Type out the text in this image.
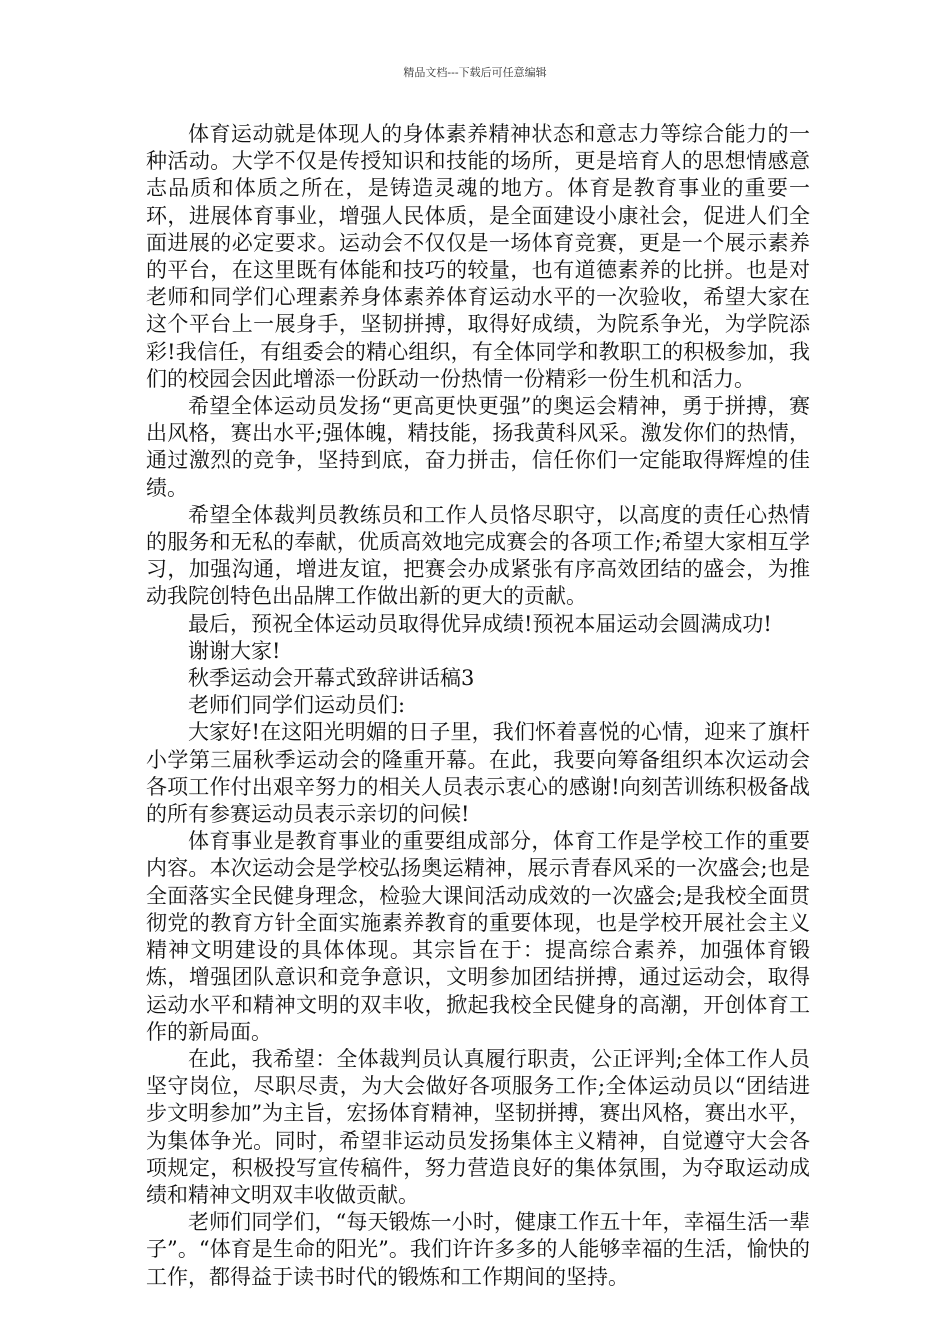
精品文档---下载后可任意编辑

体育运动就是体现人的身体素养精神状态和意志力等综合能力的一种活动。大学不仅是传授知识和技能的场所，更是培育人的思想情感意志品质和体质之所在，是铸造灵魂的地方。体育是教育事业的重要一环，进展体育事业，增强人民体质，是全面建设小康社会，促进人们全面进展的必定要求。运动会不仅仅是一场体育竞赛，更是一个展示素养的平台，在这里既有体能和技巧的较量，也有道德素养的比拼。也是对老师和同学们心理素养身体素养体育运动水平的一次验收，希望大家在这个平台上一展身手，坚韧拼搏，取得好成绩，为院系争光，为学院添彩!我信任，有组委会的精心组织，有全体同学和教职工的积极参加，我们的校园会因此增添一份跃动一份热情一份精彩一份生机和活力。

希望全体运动员发扬“更高更快更强”的奥运会精神，勇于拼搏，赛出风格，赛出水平;强体魄，精技能，扬我黄科风采。激发你们的热情，通过激烈的竞争，坚持到底，奋力拼击，信任你们一定能取得辉煌的佳绩。

希望全体裁判员教练员和工作人员恪尽职守，以高度的责任心热情的服务和无私的奉献，优质高效地完成赛会的各项工作;希望大家相互学习，加强沟通，增进友谊，把赛会办成紧张有序高效团结的盛会，为推动我院创特色出品牌工作做出新的更大的贡献。

最后，预祝全体运动员取得优异成绩!预祝本届运动会圆满成功!

谢谢大家!

秋季运动会开幕式致辞讲话稿3

老师们同学们运动员们:

大家好!在这阳光明媚的日子里，我们怀着喜悦的心情，迎来了旗杆小学第三届秋季运动会的隆重开幕。在此，我要向筹备组织本次运动会各项工作付出艰辛努力的相关人员表示衷心的感谢!向刻苦训练积极备战的所有参赛运动员表示亲切的问候!

体育事业是教育事业的重要组成部分，体育工作是学校工作的重要内容。本次运动会是学校弘扬奥运精神，展示青春风采的一次盛会;也是全面落实全民健身理念，检验大课间活动成效的一次盛会;是我校全面贯彻党的教育方针全面实施素养教育的重要体现，也是学校开展社会主义精神文明建设的具体体现。其宗旨在于：提高综合素养，加强体育锻炼，增强团队意识和竞争意识，文明参加团结拼搏，通过运动会，取得运动水平和精神文明的双丰收，掀起我校全民健身的高潮，开创体育工作的新局面。

在此，我希望：全体裁判员认真履行职责，公正评判;全体工作人员坚守岗位，尽职尽责，为大会做好各项服务工作;全体运动员以“团结进步文明参加”为主旨，宏扬体育精神，坚韧拼搏，赛出风格，赛出水平，为集体争光。同时，希望非运动员发扬集体主义精神，自觉遵守大会各项规定，积极投写宣传稿件，努力营造良好的集体氛围，为夺取运动成绩和精神文明双丰收做贡献。

老师们同学们，“每天锻炼一小时，健康工作五十年，幸福生活一辈子”。“体育是生命的阳光”。我们许许多多的人能够幸福的生活，愉快的工作，都得益于读书时代的锻炼和工作期间的坚持。
